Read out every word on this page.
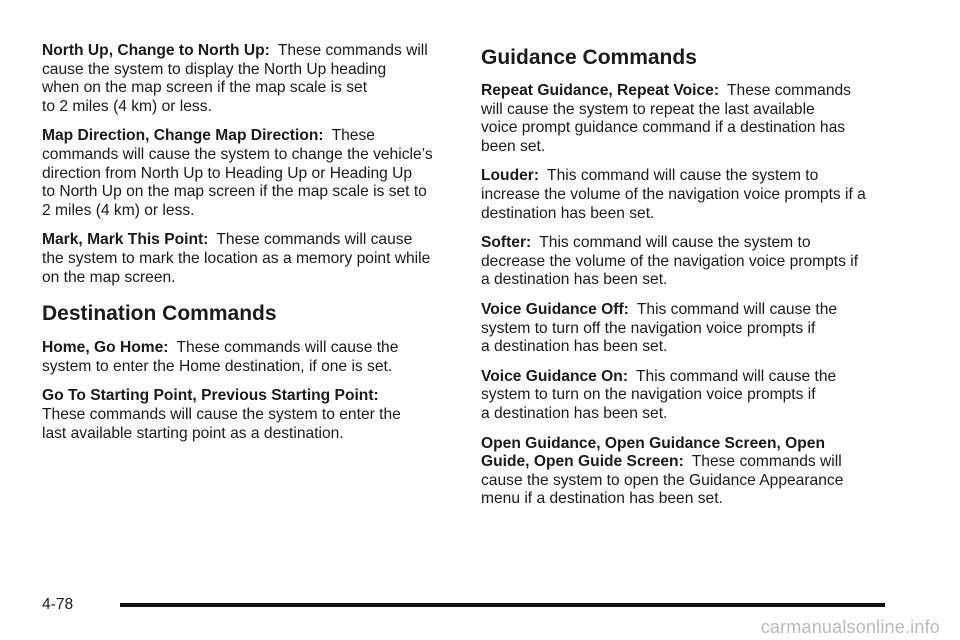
North Up, Change to North Up: These commands will
cause the system to display the North Up heading
when on the map screen if the map scale is set
to 2 miles (4 km) or less.

Map Direction, Change Map Direction: These
commands will cause the system to change the vehicle’s
direction from North Up to Heading Up or Heading Up
to North Up on the map screen if the map scale is set to
2 miles (4 km) or less.

Mark, Mark This Point: These commands will cause
the system to mark the location as a memory point while
on the map screen.

Destination Commands

Home, Go Home: These commands will cause the
system to enter the Home destination, if one is set.

Go To Starting Point, Previous Starting Point:
These commands will cause the system to enter the
last available starting point as a destination.

Guidance Commands

Repeat Guidance, Repeat Voice: These commands
will cause the system to repeat the last available
voice prompt guidance command if a destination has
been set.

Louder: This command will cause the system to
increase the volume of the navigation voice prompts if a
destination has been set.

Softer: This command will cause the system to
decrease the volume of the navigation voice prompts if
a destination has been set.

Voice Guidance Off: This command will cause the
system to turn off the navigation voice prompts if
a destination has been set.

Voice Guidance On: This command will cause the
system to turn on the navigation voice prompts if
a destination has been set.

Open Guidance, Open Guidance Screen, Open
Guide, Open Guide Screen: These commands will
cause the system to open the Guidance Appearance
menu if a destination has been set.

4-78
carmanualsonline.info
